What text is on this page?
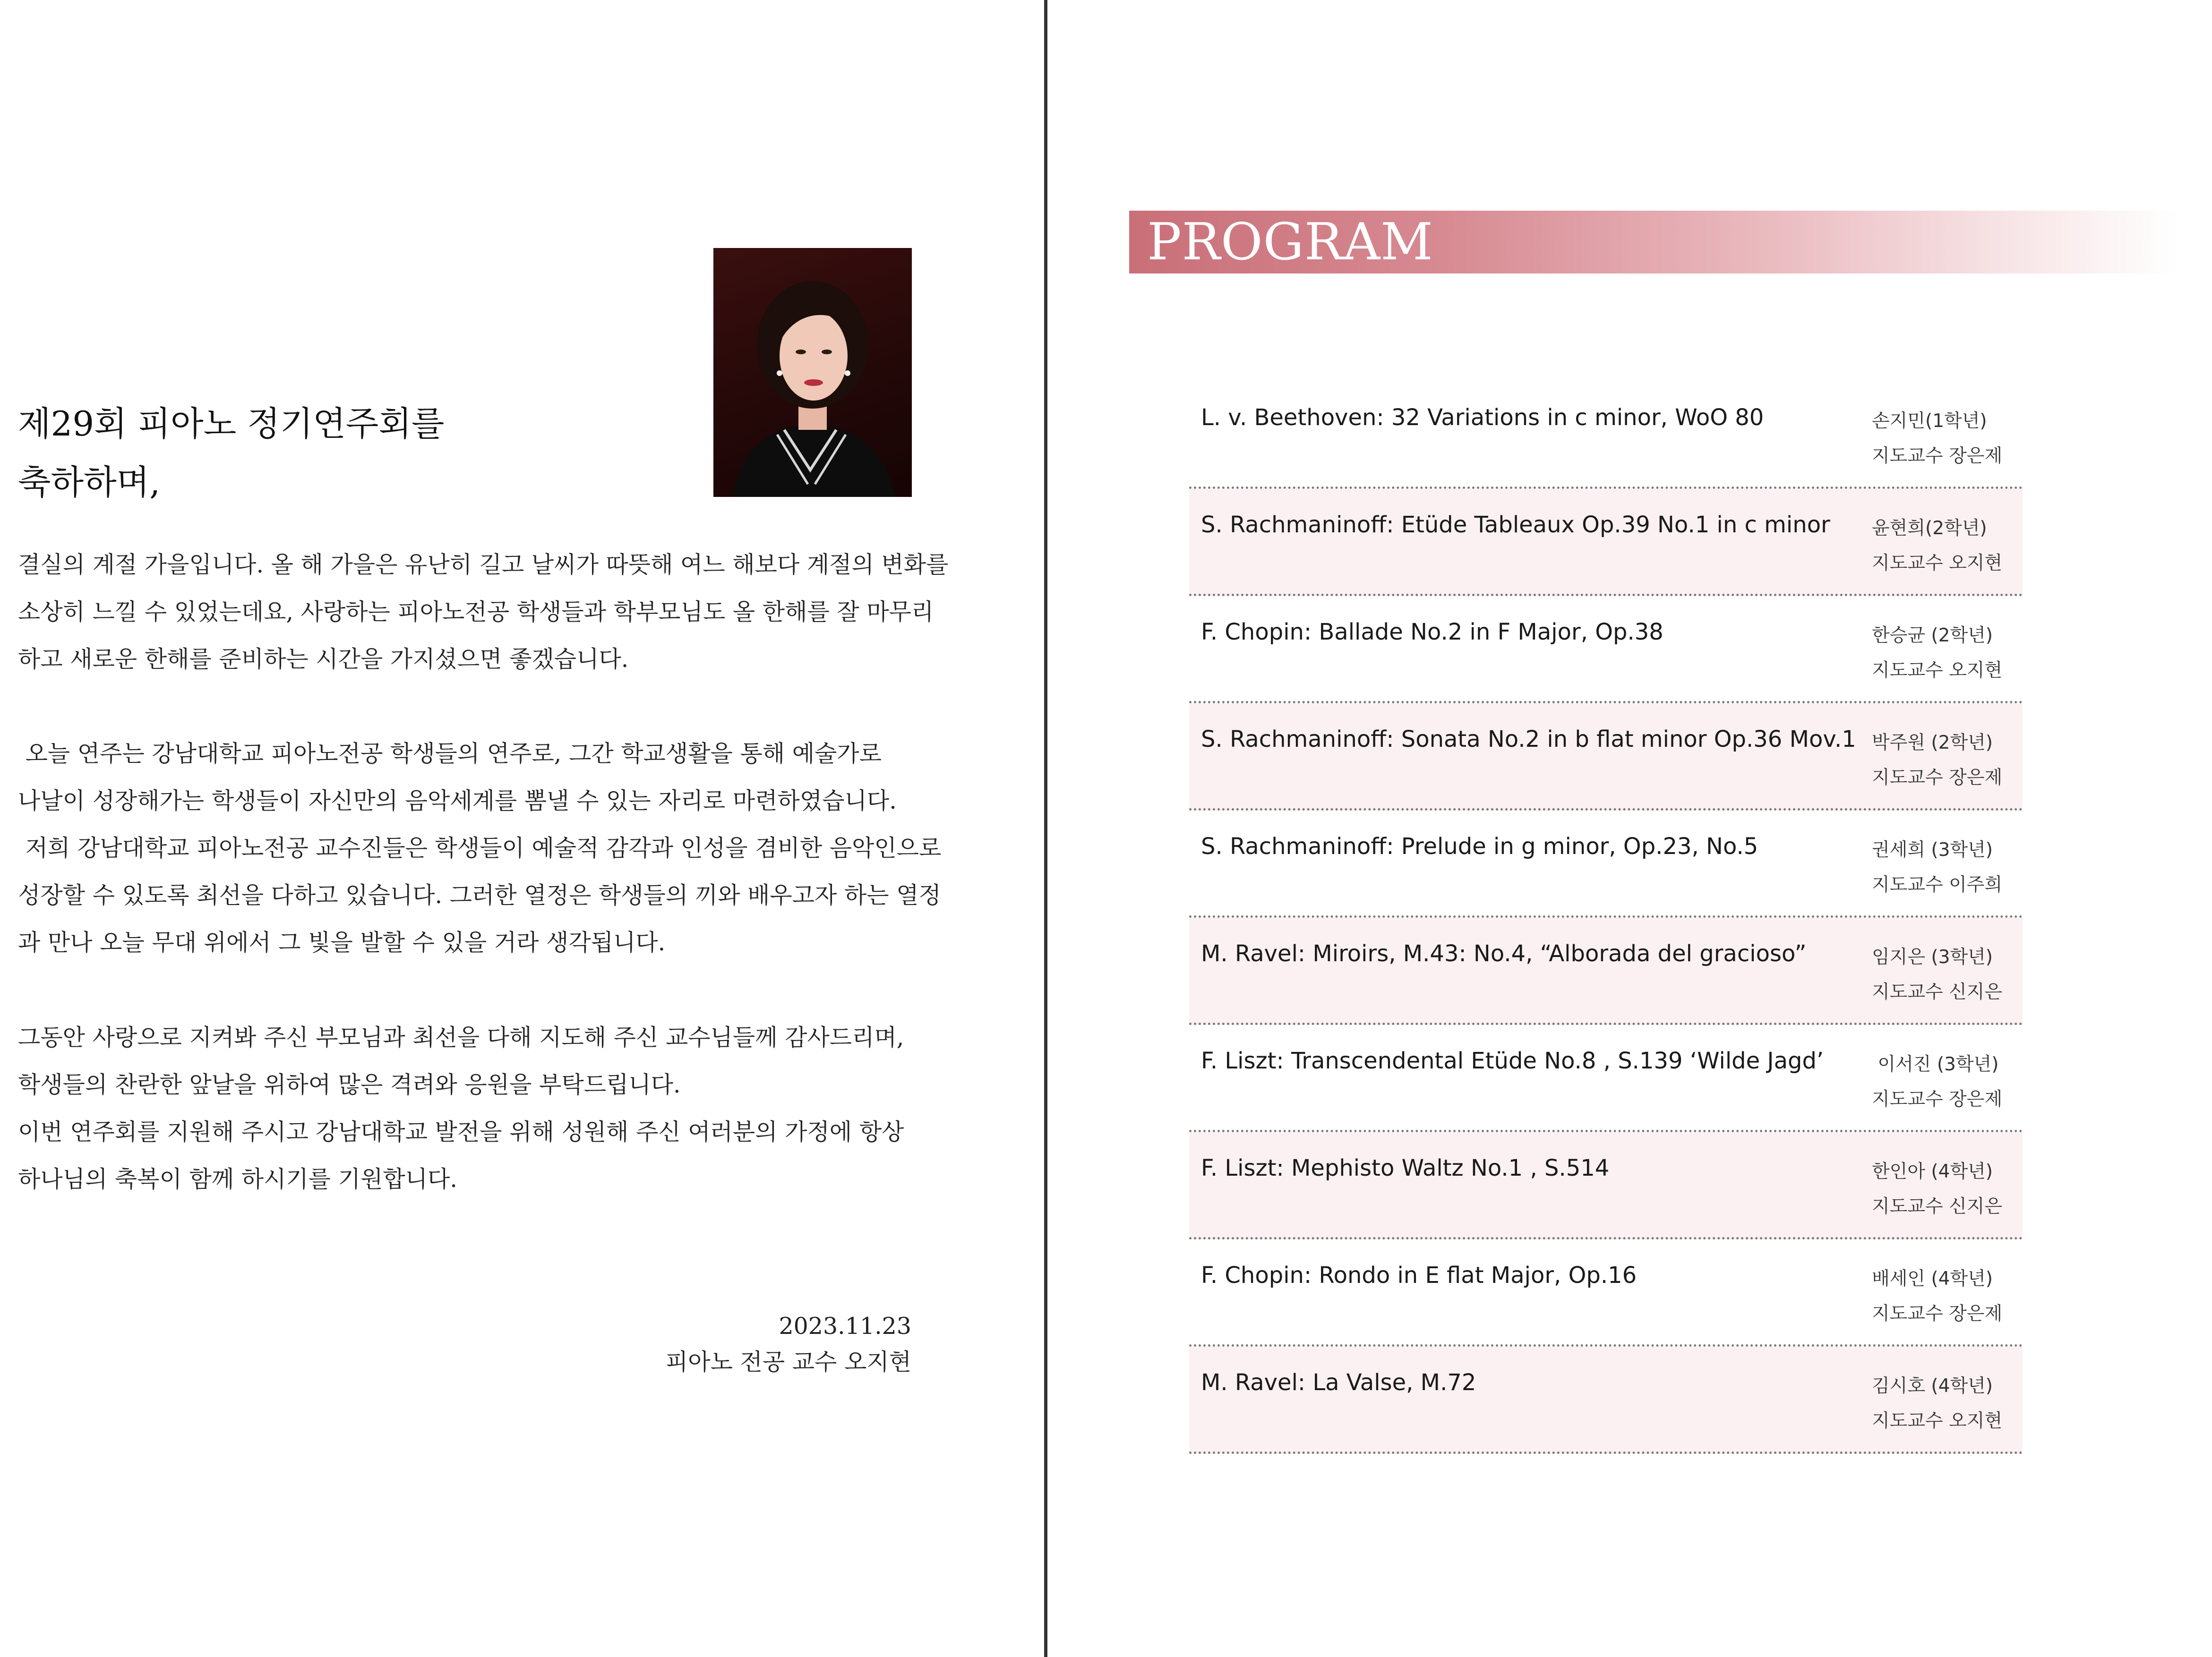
제29회 피아노 정기연주회를
축하하며,
결실의 계절 가을입니다. 올 해 가을은 유난히 길고 날씨가 따뜻해 여느 해보다 계절의 변화를
소상히 느낄 수 있었는데요, 사랑하는 피아노전공 학생들과 학부모님도 올 한해를 잘 마무리
하고 새로운 한해를 준비하는 시간을 가지셨으면 좋겠습니다.
오늘 연주는 강남대학교 피아노전공 학생들의 연주로, 그간 학교생활을 통해 예술가로
나날이 성장해가는 학생들이 자신만의 음악세계를 뽐낼 수 있는 자리로 마련하였습니다.
저희 강남대학교 피아노전공 교수진들은 학생들이 예술적 감각과 인성을 겸비한 음악인으로
성장할 수 있도록 최선을 다하고 있습니다. 그러한 열정은 학생들의 끼와 배우고자 하는 열정
과 만나 오늘 무대 위에서 그 빛을 발할 수 있을 거라 생각됩니다.
그동안 사랑으로 지켜봐 주신 부모님과 최선을 다해 지도해 주신 교수님들께 감사드리며,
학생들의 찬란한 앞날을 위하여 많은 격려와 응원을 부탁드립니다.
이번 연주회를 지원해 주시고 강남대학교 발전을 위해 성원해 주신 여러분의 가정에 항상
하나님의 축복이 함께 하시기를 기원합니다.
2023.11.23
피아노 전공 교수 오지현
PROGRAM
L. v. Beethoven: 32 Variations in c minor, WoO 80	손지민(1학년)
지도교수 장은제
S. Rachmaninoff: Etüde Tableaux Op.39 No.1 in c minor 윤현희(2학년)
지도교수 오지현
F. Chopin: Ballade No.2 in F Major, Op.38	한승균 (2학년)
지도교수 오지현
S. Rachmaninoff: Sonata No.2 in b flat minor Op.36 Mov.1 박주원 (2학년)
지도교수 장은제
S. Rachmaninoff: Prelude in g minor, Op.23, No.5	권세희 (3학년)
지도교수 이주희
M. Ravel: Miroirs, M.43: No.4, “Alborada del gracioso”	임지은 (3학년)
지도교수 신지은
F. Liszt: Transcendental Etüde No.8 , S.139 ‘Wilde Jagd’	이서진 (3학년)
지도교수 장은제
F. Liszt: Mephisto Waltz No.1 , S.514	한인아 (4학년)
지도교수 신지은
F. Chopin: Rondo in E flat Major, Op.16	배세인 (4학년)
지도교수 장은제
M. Ravel: La Valse, M.72	김시호 (4학년)
지도교수 오지현
